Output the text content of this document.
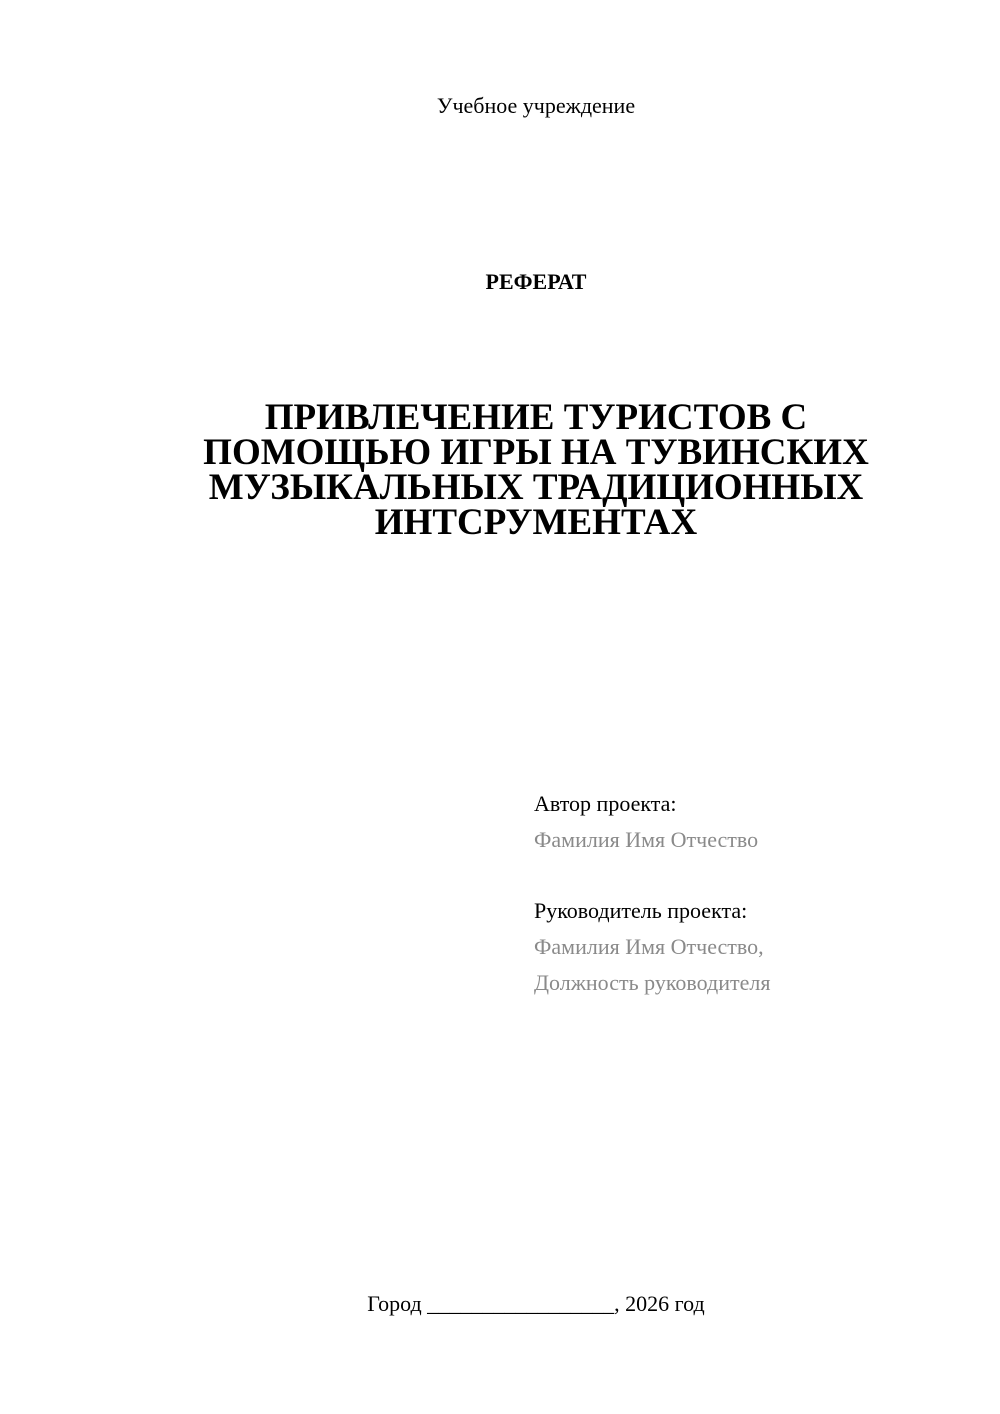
Учебное учреждение
РЕФЕРАТ
ПРИВЛЕЧЕНИЕ ТУРИСТОВ С
ПОМОЩЬЮ ИГРЫ НА ТУВИНСКИХ
МУЗЫКАЛЬНЫХ ТРАДИЦИОННЫХ
ИНТСРУМЕНТАХ
Автор проекта:
Фамилия Имя Отчество
Руководитель проекта:
Фамилия Имя Отчество,
Должность руководителя
Город _________________, 2026 год
